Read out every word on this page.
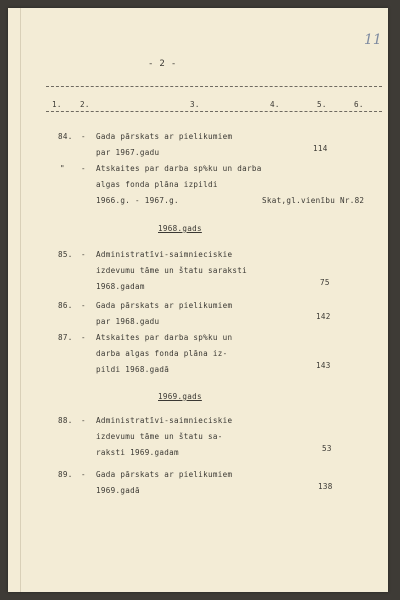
- 2 -
11
1. 2.	3.	4.	5.	6.
84. - Gada pārskats ar pielikumiem
par 1967.gadu	114
" - Atskaites par darba sp%ku un darba
algas fonda plāna izpildi
1966.g. - 1967.g.	Skat,gl.vienību Nr.82
1968.gads
85. - Administratīvi-saimnieciskie
izdevumu tāme un štatu saraksti
1968.gadam	75
86. - Gada pārskats ar pielikumiem
par 1968.gadu
142
87. - Atskaites par darba sp%ku un
darba algas fonda plāna iz-
pildi 1968.gadā	143
1969.gads
88. - Administratīvi-saimnieciskie
izdevumu tāme un štatu sa-
raksti 1969.gadam	53
89. - Gada pārskats ar pielikumiem
1969.gadā	138
